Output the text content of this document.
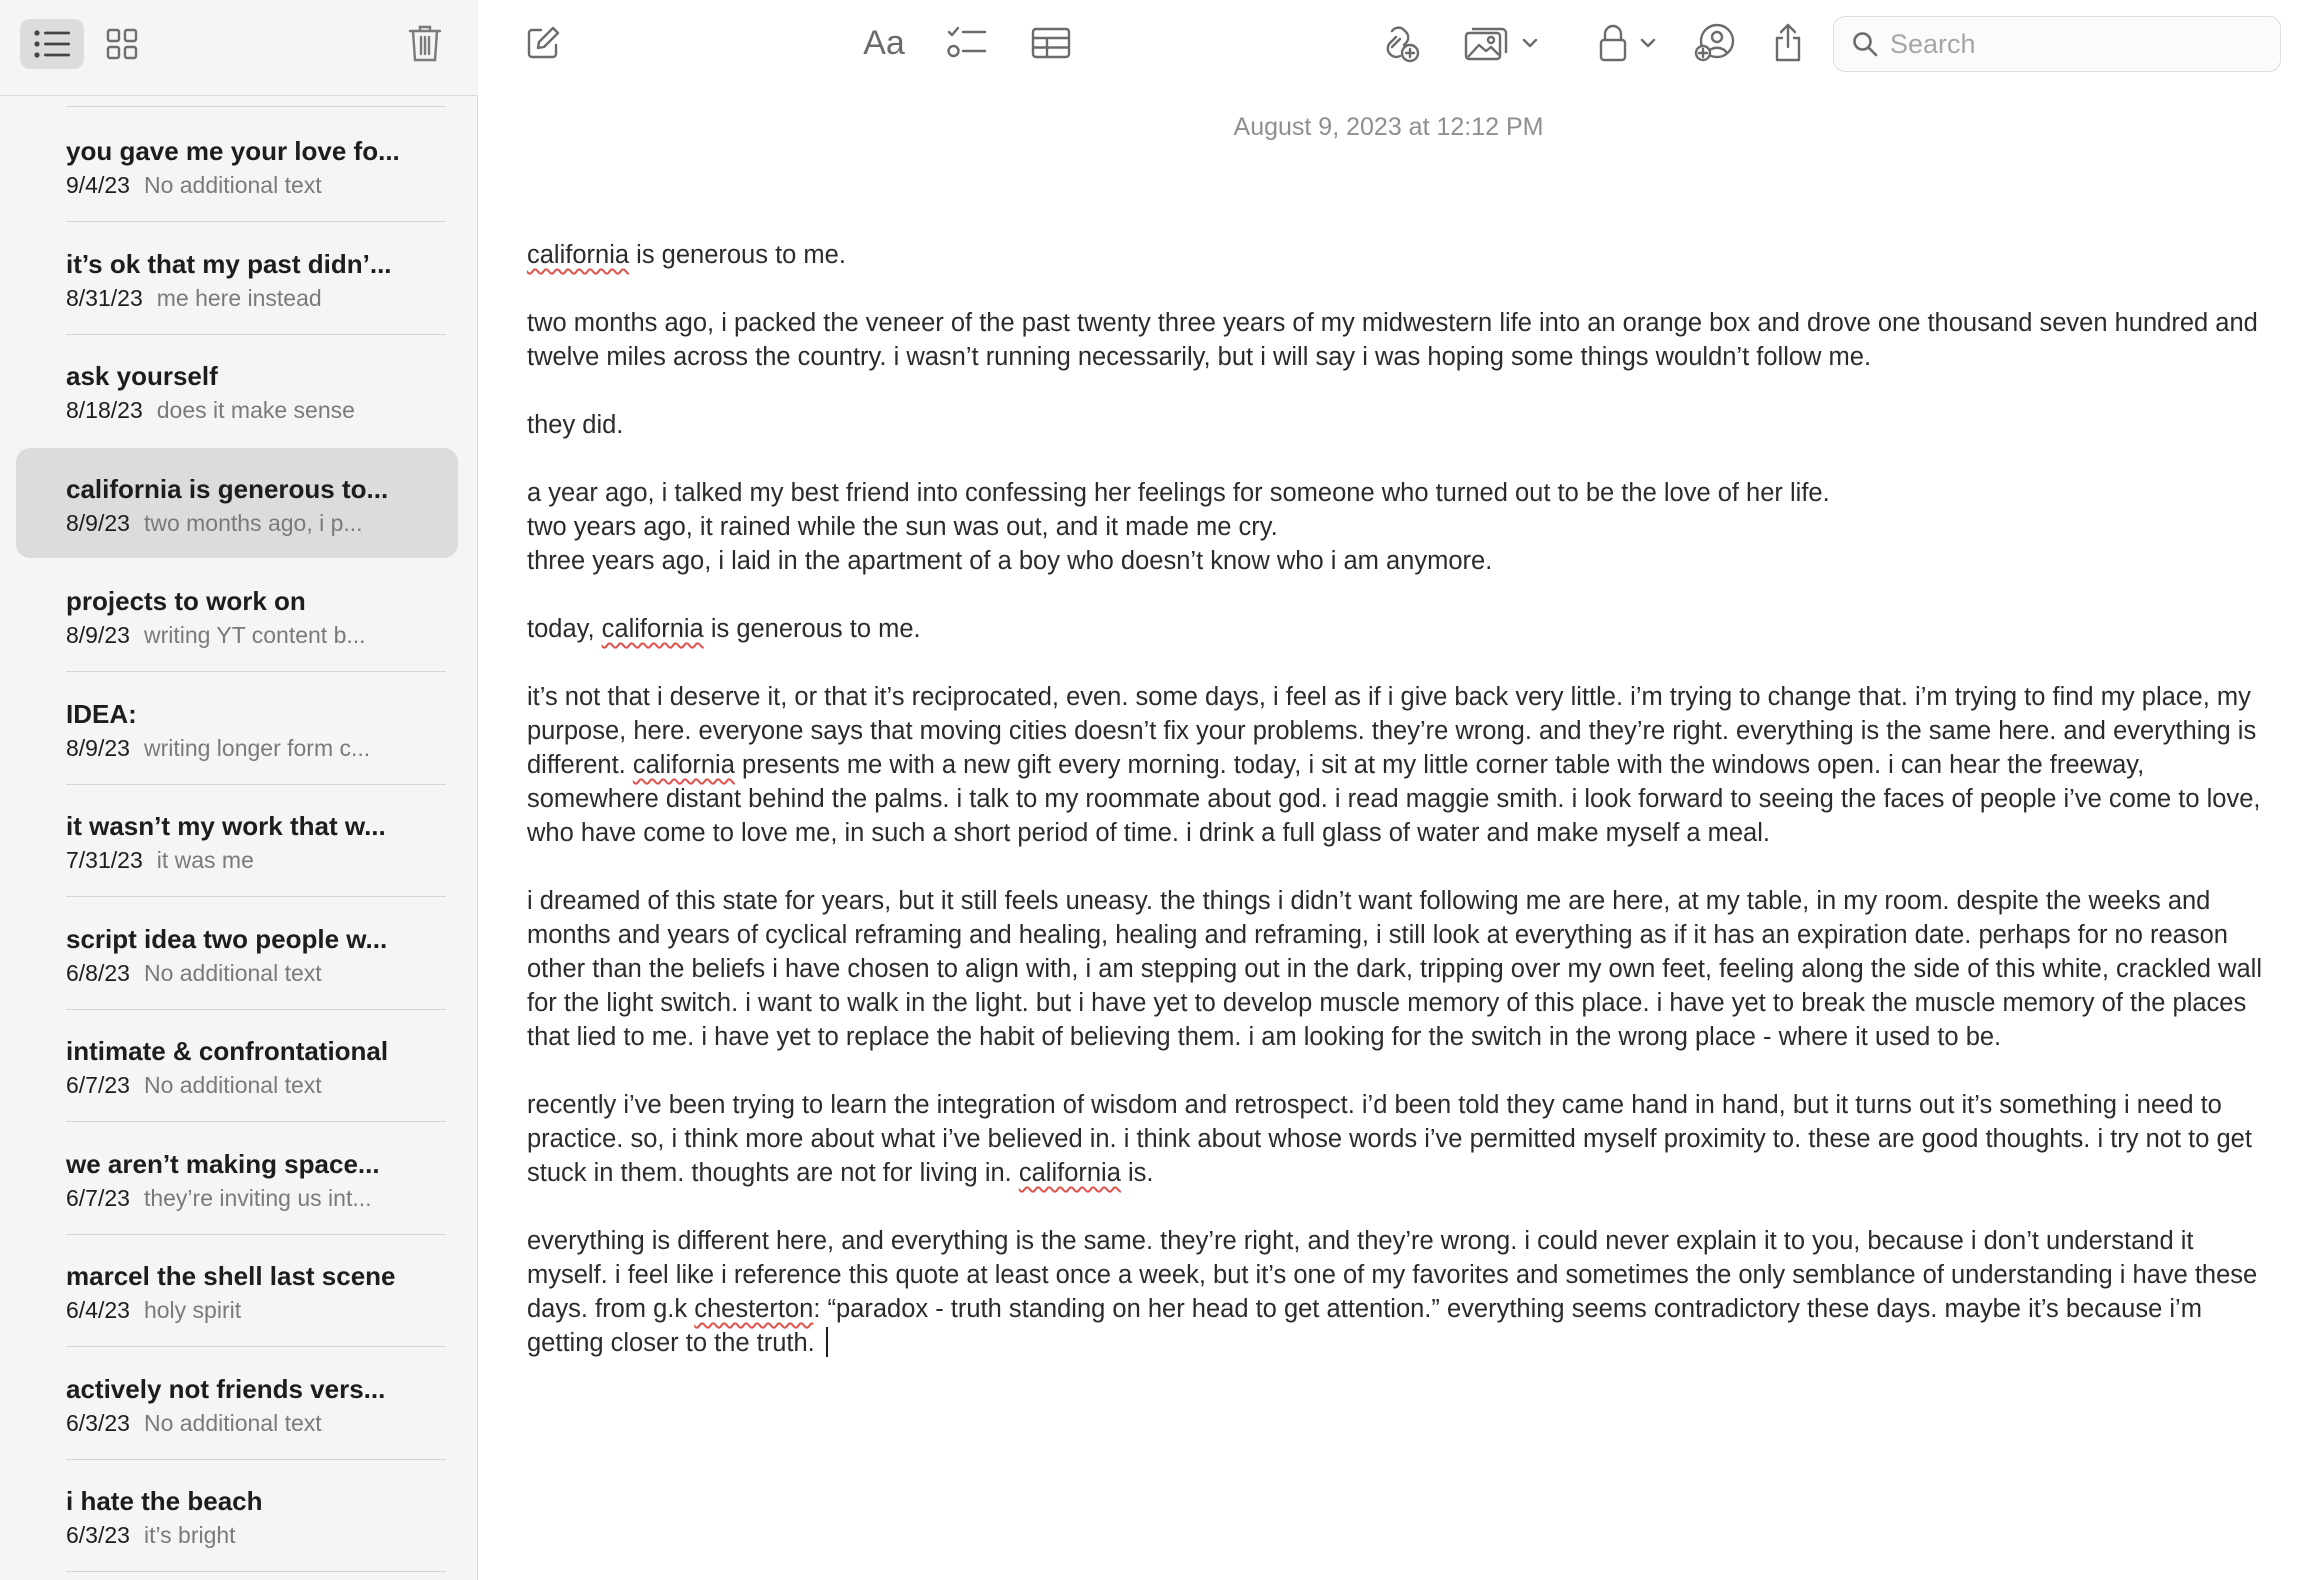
you gave me your love fo...
9/4/23 No additional text
it’s ok that my past didn’...
8/31/23 me here instead
ask yourself
8/18/23 does it make sense
california is generous to...
8/9/23 two months ago, i p...
projects to work on
8/9/23 writing YT content b...
IDEA:
8/9/23 writing longer form c...
it wasn’t my work that w...
7/31/23 it was me
script idea two people w...
6/8/23 No additional text
intimate & confrontational
6/7/23 No additional text
we aren’t making space...
6/7/23 they’re inviting us int...
marcel the shell last scene
6/4/23 holy spirit
actively not friends vers...
6/3/23 No additional text
i hate the beach
6/3/23 it’s bright
Aa
Search
August 9, 2023 at 12:12 PM

california is generous to me.

two months ago, i packed the veneer of the past twenty three years of my midwestern life into an orange box and drove one thousand seven hundred and twelve miles across the country. i wasn’t running necessarily, but i will say i was hoping some things wouldn’t follow me.

they did.

a year ago, i talked my best friend into confessing her feelings for someone who turned out to be the love of her life.

two years ago, it rained while the sun was out, and it made me cry.

three years ago, i laid in the apartment of a boy who doesn’t know who i am anymore.

today, california is generous to me.

it’s not that i deserve it, or that it’s reciprocated, even. some days, i feel as if i give back very little. i’m trying to change that. i’m trying to find my place, my purpose, here. everyone says that moving cities doesn’t fix your problems. they’re wrong. and they’re right. everything is the same here. and everything is different. california presents me with a new gift every morning. today, i sit at my little corner table with the windows open. i can hear the freeway, somewhere distant behind the palms. i talk to my roommate about god. i read maggie smith. i look forward to seeing the faces of people i’ve come to love, who have come to love me, in such a short period of time. i drink a full glass of water and make myself a meal.

i dreamed of this state for years, but it still feels uneasy. the things i didn’t want following me are here, at my table, in my room. despite the weeks and months and years of cyclical reframing and healing, healing and reframing, i still look at everything as if it has an expiration date. perhaps for no reason other than the beliefs i have chosen to align with, i am stepping out in the dark, tripping over my own feet, feeling along the side of this white, crackled wall for the light switch. i want to walk in the light. but i have yet to develop muscle memory of this place. i have yet to break the muscle memory of the places that lied to me. i have yet to replace the habit of believing them. i am looking for the switch in the wrong place - where it used to be.

recently i’ve been trying to learn the integration of wisdom and retrospect. i’d been told they came hand in hand, but it turns out it’s something i need to practice. so, i think more about what i’ve believed in. i think about whose words i’ve permitted myself proximity to. these are good thoughts. i try not to get stuck in them. thoughts are not for living in. california is.

everything is different here, and everything is the same. they’re right, and they’re wrong. i could never explain it to you, because i don’t understand it myself. i feel like i reference this quote at least once a week, but it’s one of my favorites and sometimes the only semblance of understanding i have these days. from g.k chesterton: “paradox - truth standing on her head to get attention.” everything seems contradictory these days. maybe it’s because i’m getting closer to the truth.
